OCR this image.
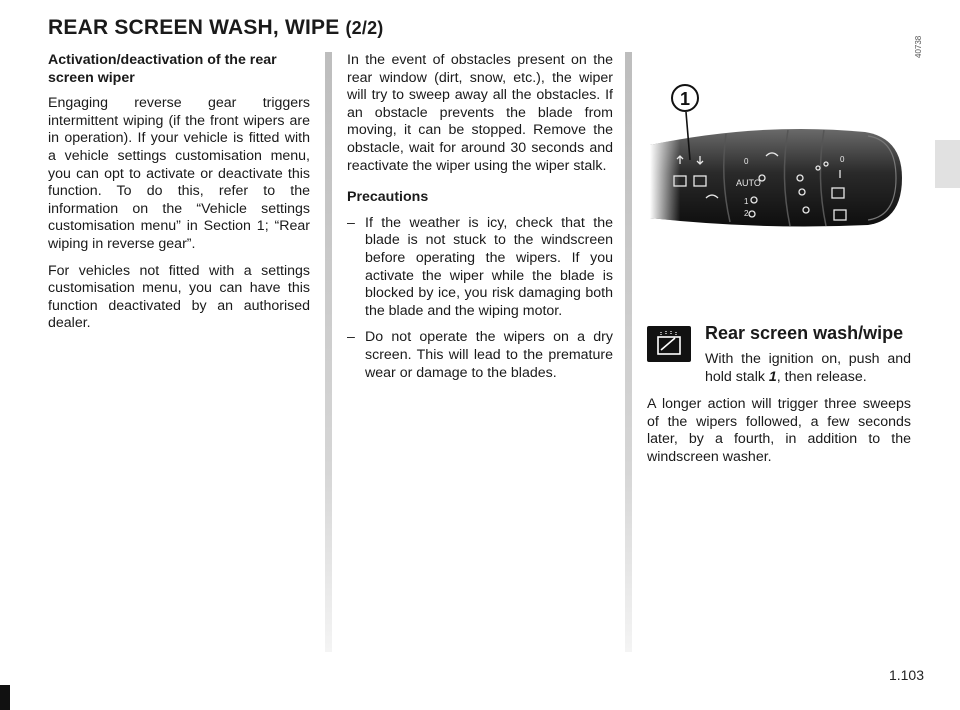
REAR SCREEN WASH, WIPE (2/2)

Activation/deactivation of the rear screen wiper

Engaging reverse gear triggers intermittent wiping (if the front wipers are in operation). If your vehicle is fitted with a vehicle settings customisation menu, you can opt to activate or deactivate this function. To do this, refer to the information on the “Vehicle settings customisation menu” in Section 1; “Rear wiping in reverse gear”.

For vehicles not fitted with a settings customisation menu, you can have this function deactivated by an authorised dealer.

In the event of obstacles present on the rear window (dirt, snow, etc.), the wiper will try to sweep away all the obstacles. If an obstacle prevents the blade from moving, it can be stopped. Remove the obstacle, wait for around 30 seconds and reactivate the wiper using the wiper stalk.

Precautions

– If the weather is icy, check that the blade is not stuck to the windscreen before operating the wipers. If you activate the wiper while the blade is blocked by ice, you risk damaging both the blade and the wiping motor.
– Do not operate the wipers on a dry screen. This will lead to the premature wear or damage to the blades.
AUTO
0
1
2
0
1
40738
Rear screen wash/wipe
With the ignition on, push and hold stalk 1, then release.

A longer action will trigger three sweeps of the wipers followed, a few seconds later, by a fourth, in addition to the windscreen washer.

1.103
